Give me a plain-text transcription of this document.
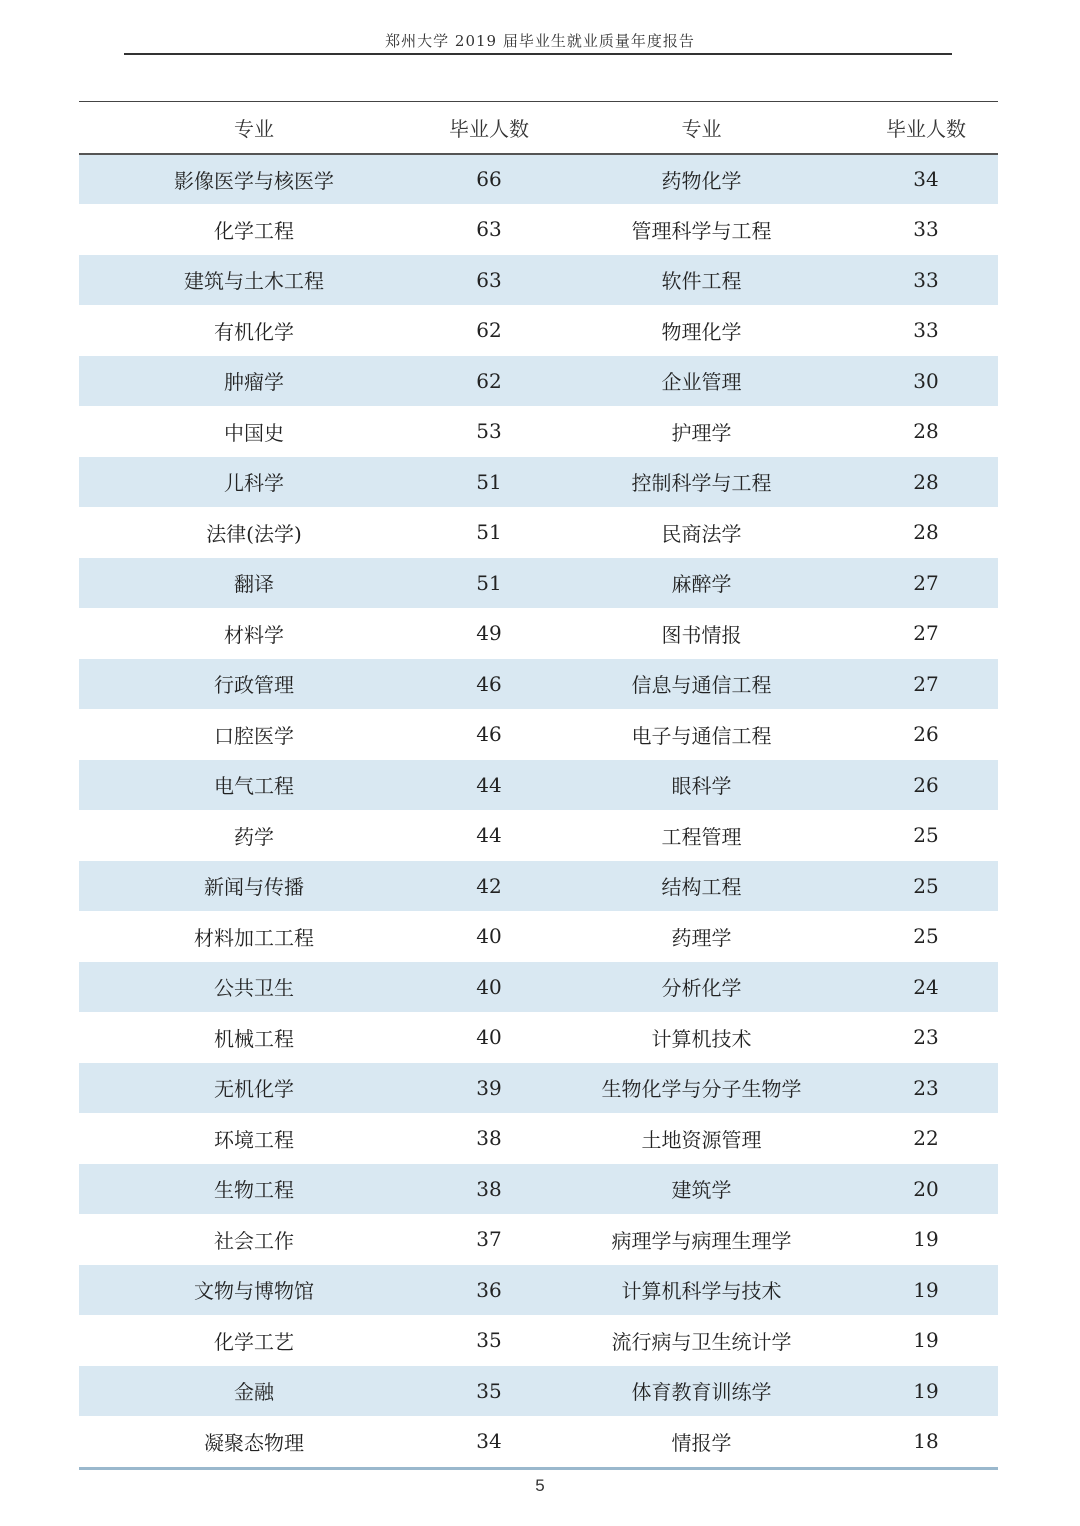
郑州大学 2019 届毕业生就业质量年度报告
专业	毕业人数	专业	毕业人数
影像医学与核医学	66	药物化学	34
化学工程	63	管理科学与工程	33
建筑与土木工程	63	软件工程	33
有机化学	62	物理化学	33
肿瘤学	62	企业管理	30
中国史	53	护理学	28
儿科学	51	控制科学与工程	28
法律(法学)	51	民商法学	28
翻译	51	麻醉学	27
材料学	49	图书情报	27
行政管理	46	信息与通信工程	27
口腔医学	46	电子与通信工程	26
电气工程	44	眼科学	26
药学	44	工程管理	25
新闻与传播	42	结构工程	25
材料加工工程	40	药理学	25
公共卫生	40	分析化学	24
机械工程	40	计算机技术	23
无机化学	39	生物化学与分子生物学	23
环境工程	38	土地资源管理	22
生物工程	38	建筑学	20
社会工作	37	病理学与病理生理学	19
文物与博物馆	36	计算机科学与技术	19
化学工艺	35	流行病与卫生统计学	19
金融	35	体育教育训练学	19
凝聚态物理	34	情报学	18
5
